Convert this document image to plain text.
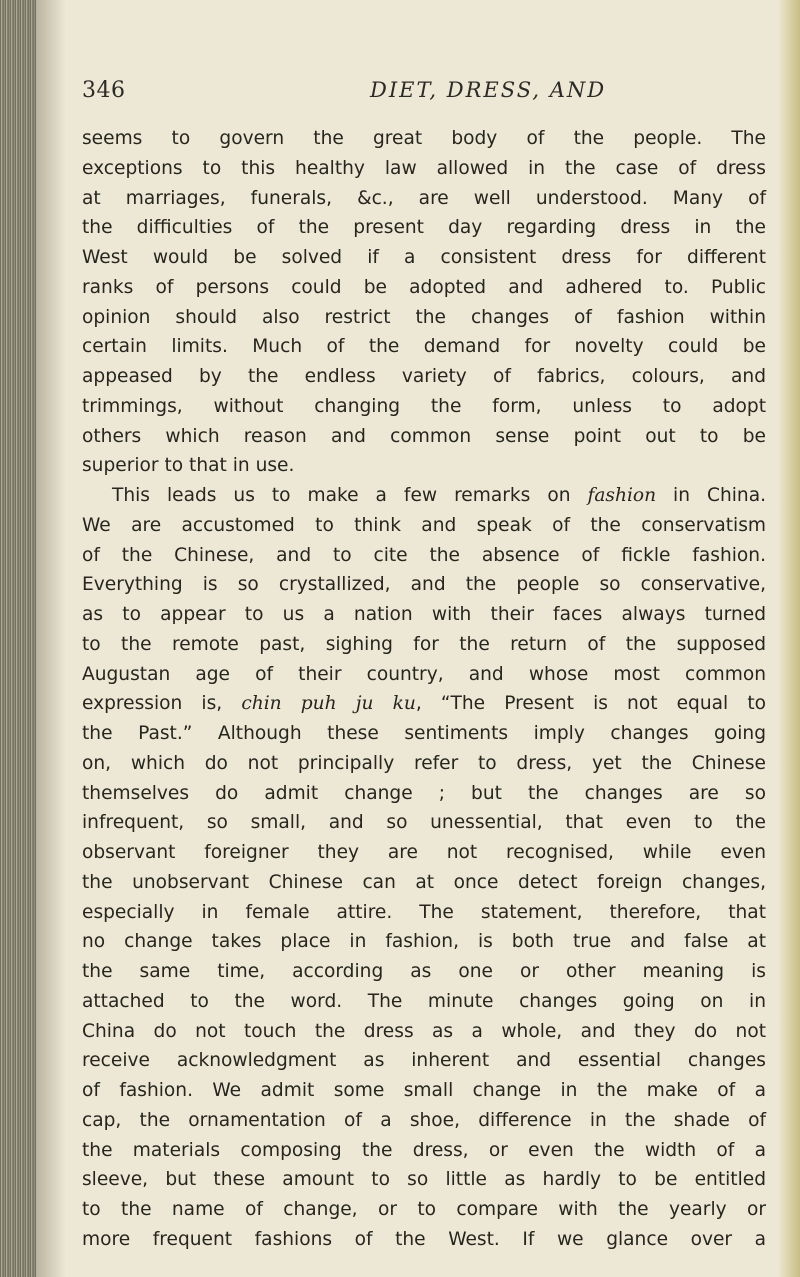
346	DIET, DRESS, AND
seems to govern the great body of the people. The
exceptions to this healthy law allowed in the case of dress
at marriages, funerals, &c., are well understood. Many of
the difficulties of the present day regarding dress in the
West would be solved if a consistent dress for different
ranks of persons could be adopted and adhered to. Public
opinion should also restrict the changes of fashion within
certain limits. Much of the demand for novelty could be
appeased by the endless variety of fabrics, colours, and
trimmings, without changing the form, unless to adopt
others which reason and common sense point out to be
superior to that in use.
This leads us to make a few remarks on fashion in China.
We are accustomed to think and speak of the conservatism
of the Chinese, and to cite the absence of fickle fashion.
Everything is so crystallized, and the people so conservative,
as to appear to us a nation with their faces always turned
to the remote past, sighing for the return of the supposed
Augustan age of their country, and whose most common
expression is, chin puh ju ku, “The Present is not equal to
the Past.” Although these sentiments imply changes going
on, which do not principally refer to dress, yet the Chinese
themselves do admit change ; but the changes are so
infrequent, so small, and so unessential, that even to the
observant foreigner they are not recognised, while even
the unobservant Chinese can at once detect foreign changes,
especially in female attire. The statement, therefore, that
no change takes place in fashion, is both true and false at
the same time, according as one or other meaning is
attached to the word. The minute changes going on in
China do not touch the dress as a whole, and they do not
receive acknowledgment as inherent and essential changes
of fashion. We admit some small change in the make of a
cap, the ornamentation of a shoe, difference in the shade of
the materials composing the dress, or even the width of a
sleeve, but these amount to so little as hardly to be entitled
to the name of change, or to compare with the yearly or
more frequent fashions of the West. If we glance over a
